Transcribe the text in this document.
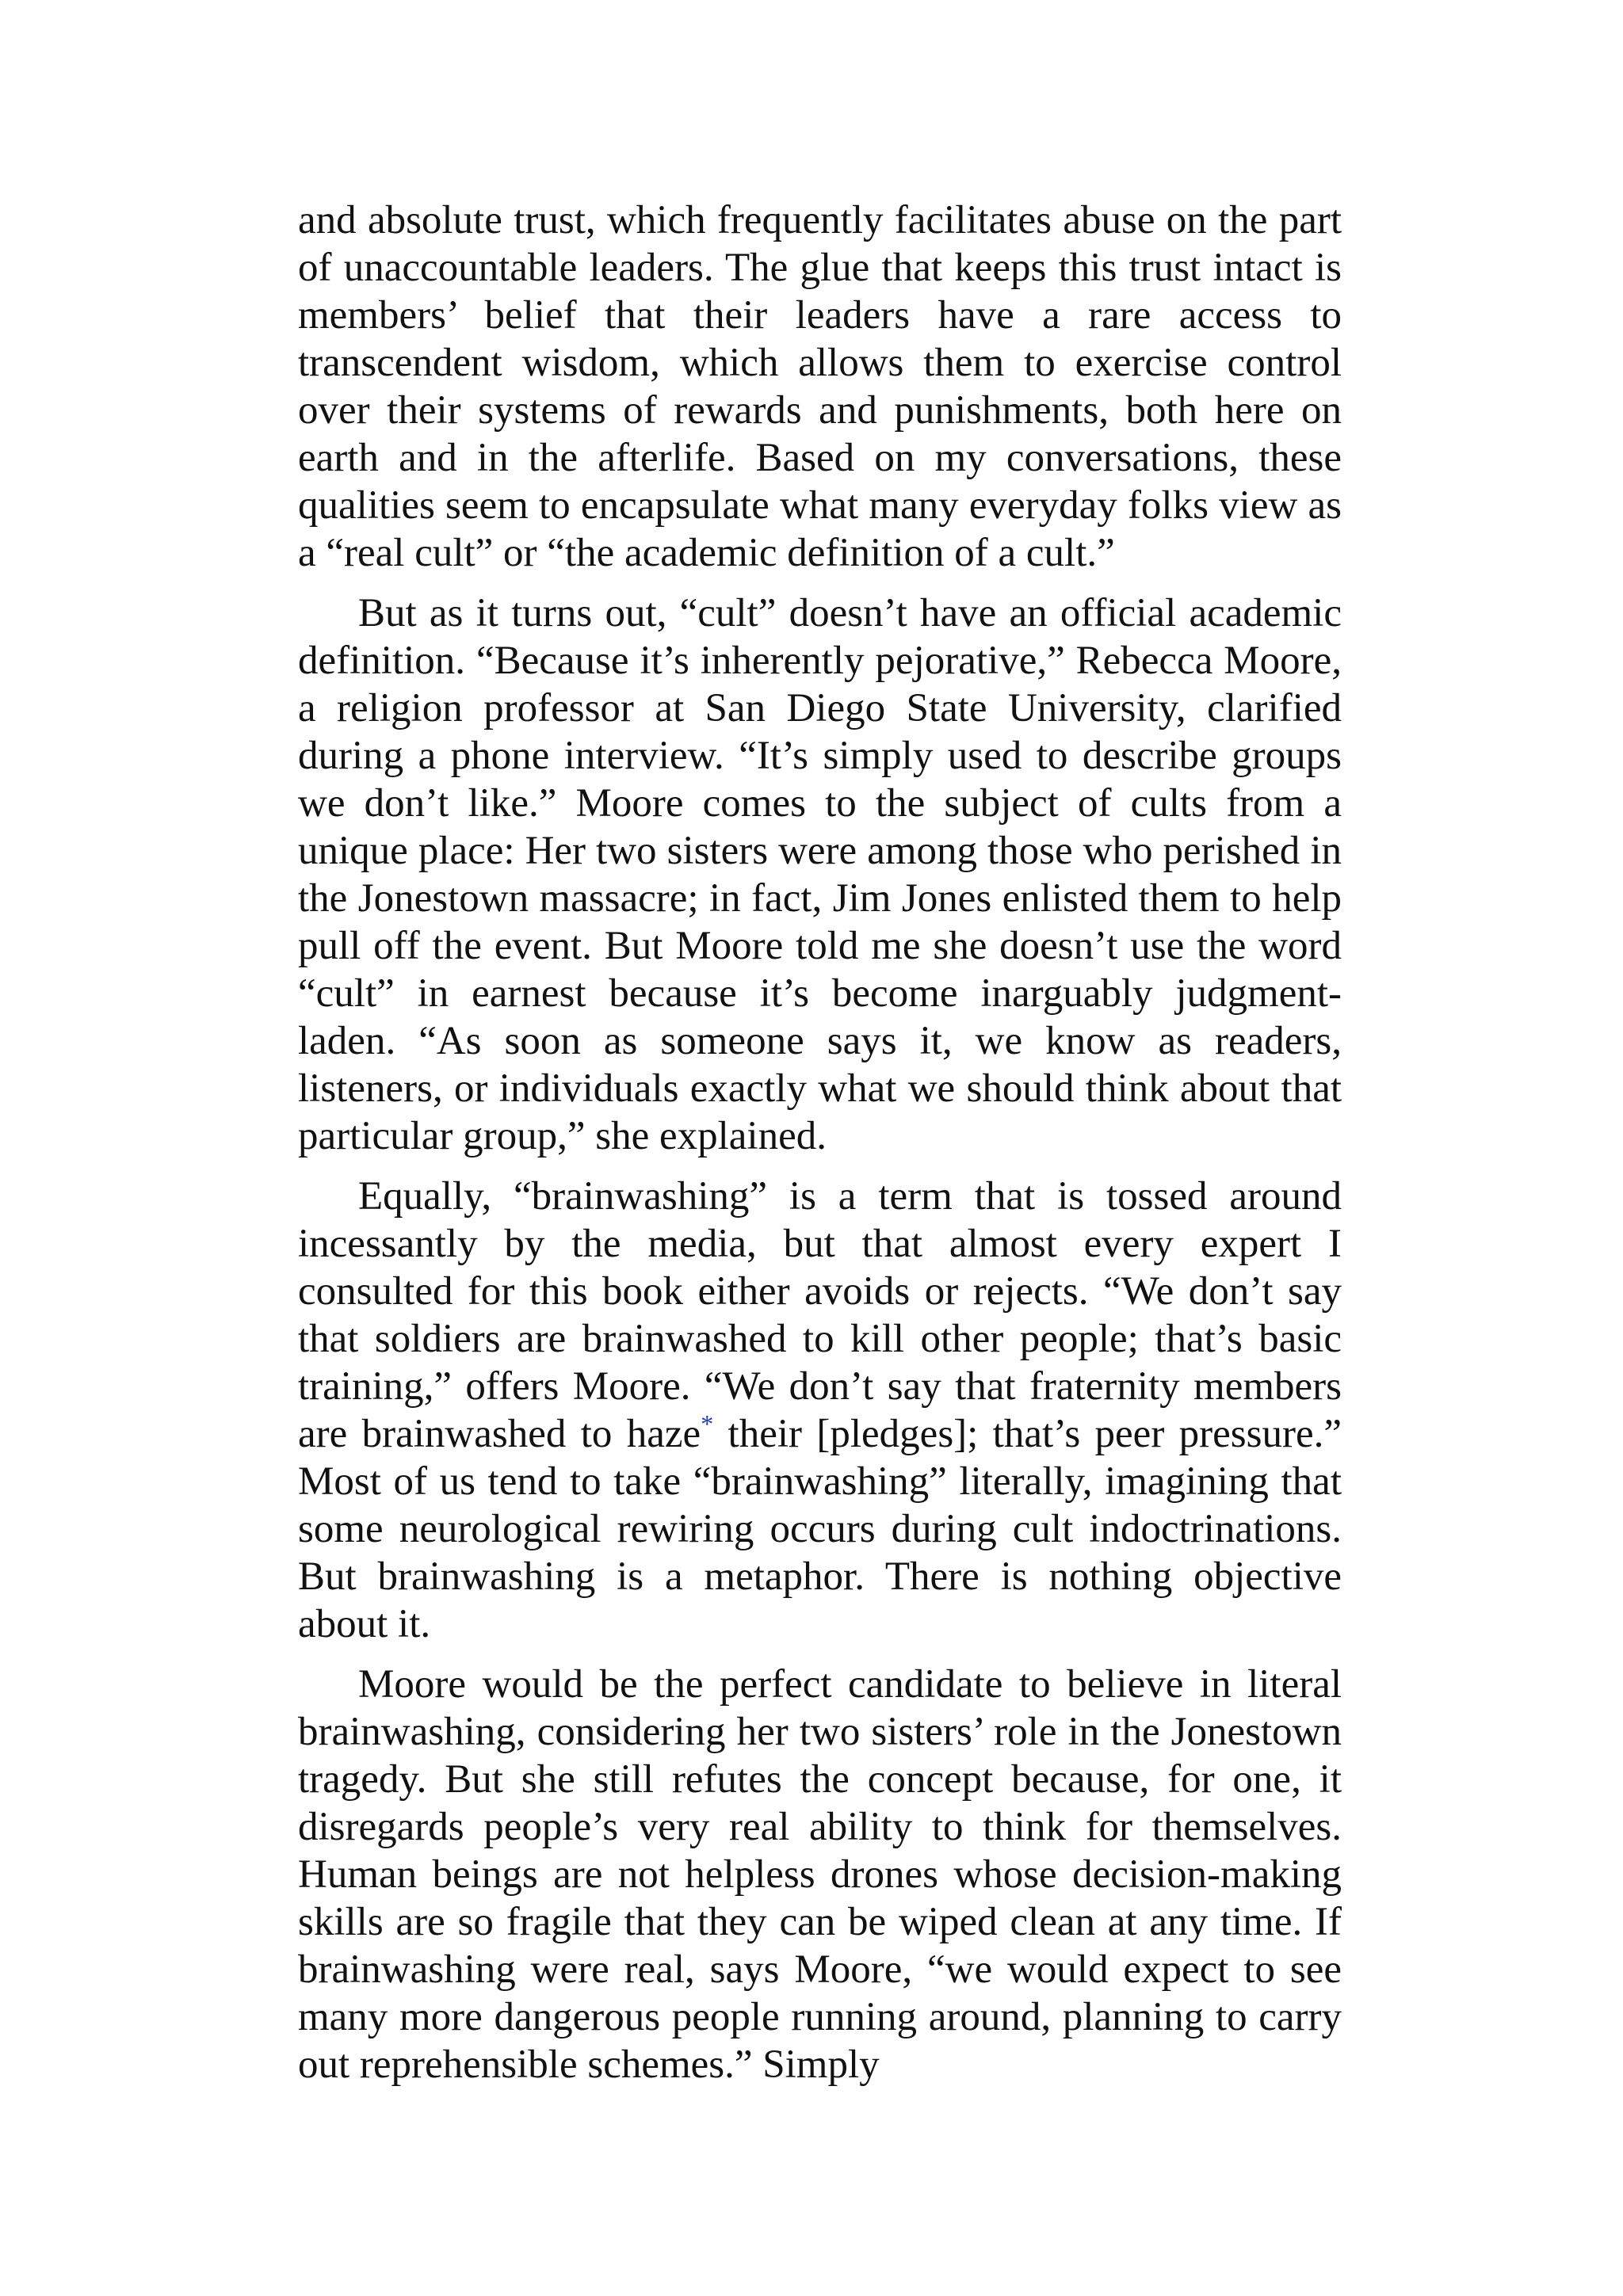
and absolute trust, which frequently facilitates abuse on the part of unaccountable leaders. The glue that keeps this trust intact is members’ belief that their leaders have a rare access to transcendent wisdom, which allows them to exercise control over their systems of rewards and punishments, both here on earth and in the afterlife. Based on my conversations, these qualities seem to encapsulate what many everyday folks view as a “real cult” or “the academic definition of a cult.”

But as it turns out, “cult” doesn’t have an official academic definition. “Because it’s inherently pejorative,” Rebecca Moore, a religion professor at San Diego State University, clarified during a phone interview. “It’s simply used to describe groups we don’t like.” Moore comes to the subject of cults from a unique place: Her two sisters were among those who perished in the Jonestown massacre; in fact, Jim Jones enlisted them to help pull off the event. But Moore told me she doesn’t use the word “cult” in earnest because it’s become inarguably judgment-laden. “As soon as someone says it, we know as readers, listeners, or individuals exactly what we should think about that particular group,” she explained.

Equally, “brainwashing” is a term that is tossed around incessantly by the media, but that almost every expert I consulted for this book either avoids or rejects. “We don’t say that soldiers are brainwashed to kill other people; that’s basic training,” offers Moore. “We don’t say that fraternity members are brainwashed to haze* their [pledges]; that’s peer pressure.” Most of us tend to take “brainwashing” literally, imagining that some neurological rewiring occurs during cult indoctrinations. But brainwashing is a metaphor. There is nothing objective about it.

Moore would be the perfect candidate to believe in literal brainwashing, considering her two sisters’ role in the Jonestown tragedy. But she still refutes the concept because, for one, it disregards people’s very real ability to think for themselves. Human beings are not helpless drones whose decision-making skills are so fragile that they can be wiped clean at any time. If brainwashing were real, says Moore, “we would expect to see many more dangerous people running around, planning to carry out reprehensible schemes.” Simply
